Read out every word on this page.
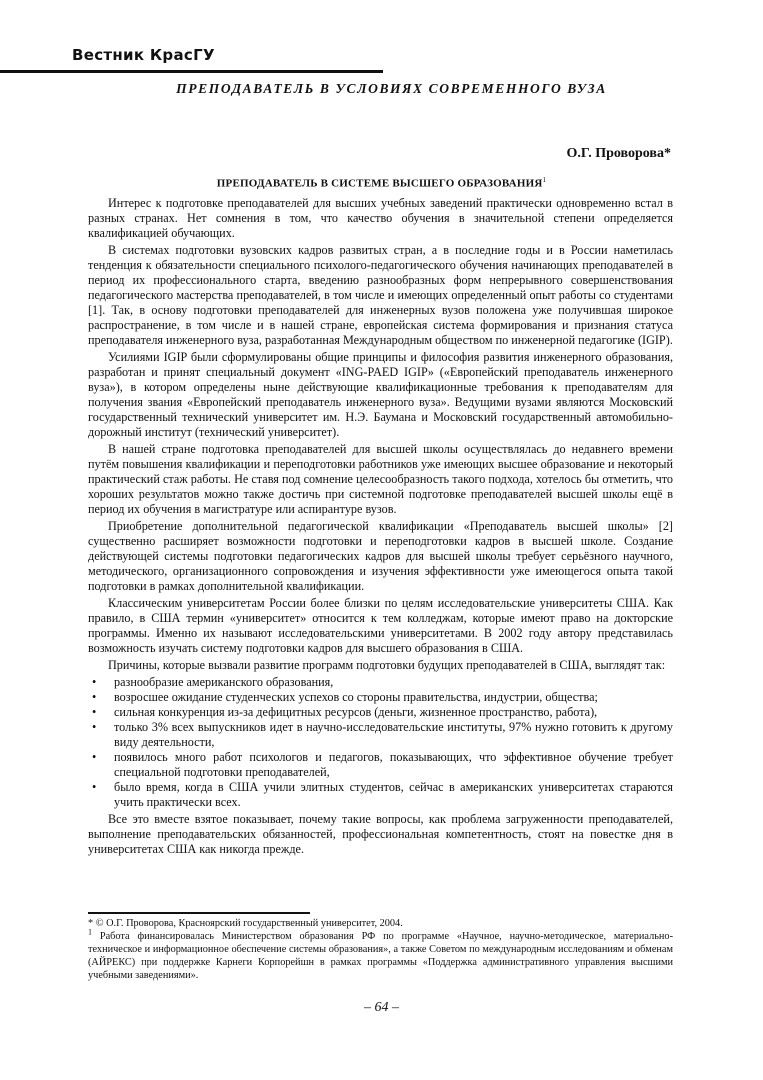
Вестник КрасГУ
ПРЕПОДАВАТЕЛЬ В УСЛОВИЯХ СОВРЕМЕННОГО ВУЗА
О.Г. Проворова*
ПРЕПОДАВАТЕЛЬ В СИСТЕМЕ ВЫСШЕГО ОБРАЗОВАНИЯ$^1$

Интерес к подготовке преподавателей для высших учебных заведений практически одновременно встал в разных странах. Нет сомнения в том, что качество обучения в значительной степени определяется квалификацией обучающих.

В системах подготовки вузовских кадров развитых стран, а в последние годы и в России наметилась тенденция к обязательности специального психолого-педагогического обучения начинающих преподавателей в период их профессионального старта, введению разнообразных форм непрерывного совершенствования педагогического мастерства преподавателей, в том числе и имеющих определенный опыт работы со студентами [1]. Так, в основу подготовки преподавателей для инженерных вузов положена уже получившая широкое распространение, в том числе и в нашей стране, европейская система формирования и признания статуса преподавателя инженерного вуза, разработанная Международным обществом по инженерной педагогике (IGIP).

Усилиями IGIP были сформулированы общие принципы и философия развития инженерного образования, разработан и принят специальный документ «ING-PAED IGIP» («Европейский преподаватель инженерного вуза»), в котором определены ныне действующие квалификационные требования к преподавателям для получения звания «Европейский преподаватель инженерного вуза». Ведущими вузами являются Московский государственный технический университет им. Н.Э. Баумана и Московский государственный автомобильно-дорожный институт (технический университет).

В нашей стране подготовка преподавателей для высшей школы осуществлялась до недавнего времени путём повышения квалификации и переподготовки работников уже имеющих высшее образование и некоторый практический стаж работы. Не ставя под сомнение целесообразность такого подхода, хотелось бы отметить, что хороших результатов можно также достичь при системной подготовке преподавателей высшей школы ещё в период их обучения в магистратуре или аспирантуре вузов.

Приобретение дополнительной педагогической квалификации «Преподаватель высшей школы» [2] существенно расширяет возможности подготовки и переподготовки кадров в высшей школе. Создание действующей системы подготовки педагогических кадров для высшей школы требует серьёзного научного, методического, организационного сопровождения и изучения эффективности уже имеющегося опыта такой подготовки в рамках дополнительной квалификации.

Классическим университетам России более близки по целям исследовательские университеты США. Как правило, в США термин «университет» относится к тем колледжам, которые имеют право на докторские программы. Именно их называют исследовательскими университетами. В 2002 году автору представилась возможность изучать систему подготовки кадров для высшего образования в США.

Причины, которые вызвали развитие программ подготовки будущих преподавателей в США, выглядят так:

• разнообразие американского образования,
• возросшее ожидание студенческих успехов со стороны правительства, индустрии, общества;
• сильная конкуренция из-за дефицитных ресурсов (деньги, жизненное пространство, работа),
• только 3% всех выпускников идет в научно-исследовательские институты, 97% нужно готовить к другому виду деятельности,
• появилось много работ психологов и педагогов, показывающих, что эффективное обучение требует специальной подготовки преподавателей,
• было время, когда в США учили элитных студентов, сейчас в американских университетах стараются учить практически всех.

Все это вместе взятое показывает, почему такие вопросы, как проблема загруженности преподавателей, выполнение преподавательских обязанностей, профессиональная компетентность, стоят на повестке дня в университетах США как никогда прежде.

* © О.Г. Проворова, Красноярский государственный университет, 2004.

$^1$ Работа финансировалась Министерством образования РФ по программе «Научное, научно-методическое, материально-техническое и информационное обеспечение системы образования», а также Советом по международным исследованиям и обменам (АЙРЕКС) при поддержке Карнеги Корпорейшн в рамках программы «Поддержка административного управления высшими учебными заведениями».

– 64 –
